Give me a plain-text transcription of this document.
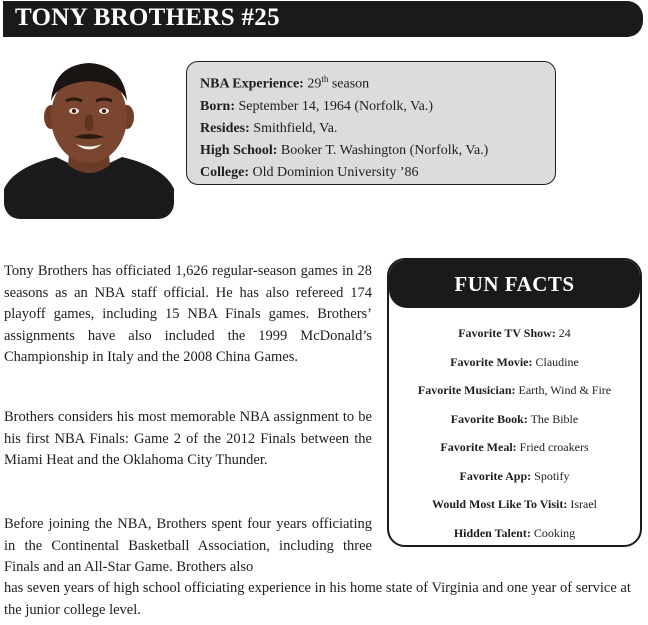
TONY BROTHERS #25
NBA Experience: 29th season
Born: September 14, 1964 (Norfolk, Va.)
Resides: Smithfield, Va.
High School: Booker T. Washington (Norfolk, Va.)
College: Old Dominion University ’86

Tony Brothers has officiated 1,626 regular-season games in 28 seasons as an NBA staff official. He has also refereed 174 playoff games, including 15 NBA Finals games. Brothers’ assignments have also included the 1999 McDonald’s Championship in Italy and the 2008 China Games.

Brothers considers his most memorable NBA assignment to be his first NBA Finals: Game 2 of the 2012 Finals between the Miami Heat and the Oklahoma City Thunder.

Before joining the NBA, Brothers spent four years officiating in the Continental Basketball Association, including three Finals and an All-Star Game. Brothers also

has seven years of high school officiating experience in his home state of Virginia and one year of service at the junior college level.

FUN FACTS
Favorite TV Show: 24
Favorite Movie: Claudine
Favorite Musician: Earth, Wind & Fire
Favorite Book: The Bible
Favorite Meal: Fried croakers
Favorite App: Spotify
Would Most Like To Visit: Israel
Hidden Talent: Cooking
